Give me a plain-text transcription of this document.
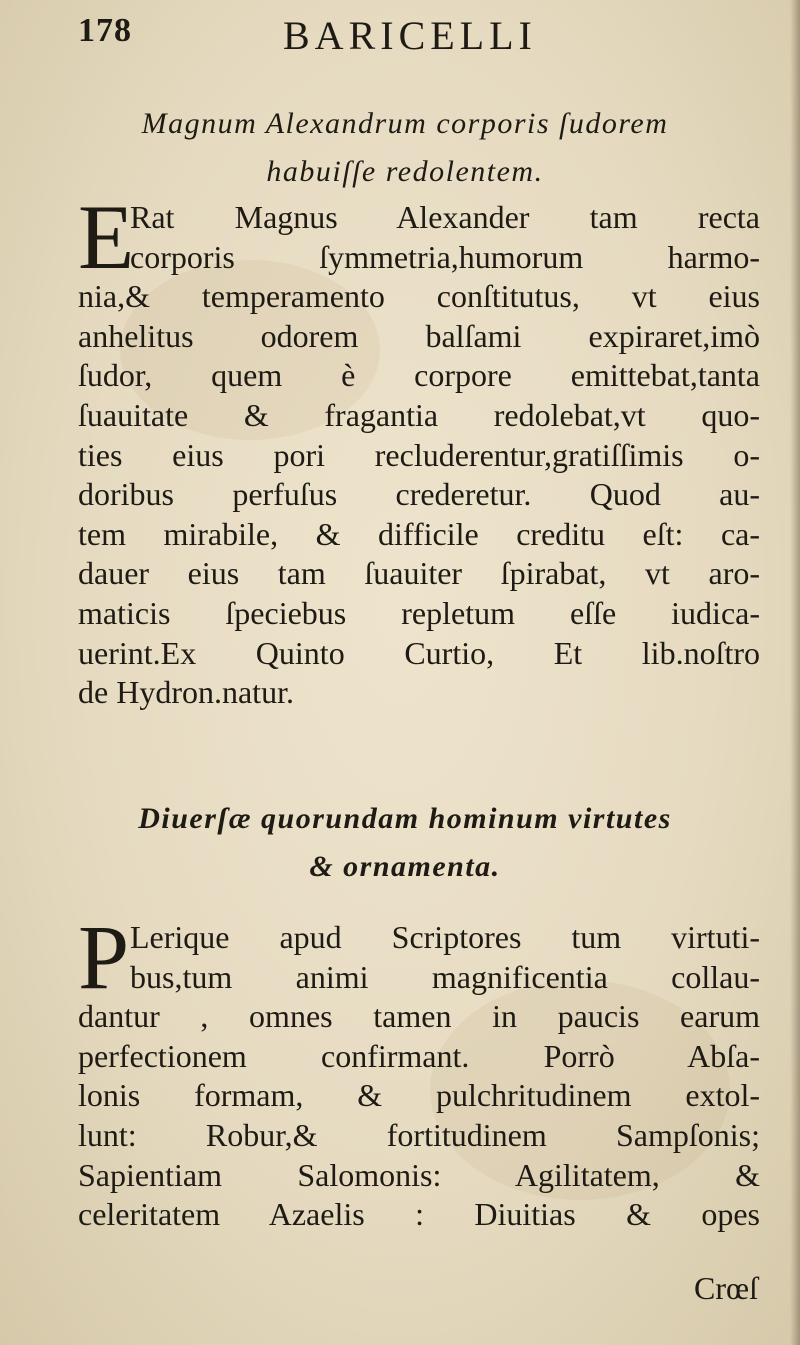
178	BARICELLI
Magnum Alexandrum corporis ſudorem
habuiſſe redolentem.
E
Rat Magnus Alexander tam recta
corporis ſymmetria,humorum harmo-
nia,& temperamento conſtitutus, vt eius
anhelitus odorem balſami expiraret,imò
ſudor, quem è corpore emittebat,tanta
ſuauitate & fragantia redolebat,vt quo-
ties eius pori recluderentur,gratiſſimis o-
doribus perfuſus crederetur. Quod au-
tem mirabile, & difficile creditu eſt: ca-
dauer eius tam ſuauiter ſpirabat, vt aro-
maticis ſpeciebus repletum eſſe iudica-
uerint.Ex Quinto Curtio, Et lib.noſtro
de Hydron.natur.
Diuerſæ quorundam hominum virtutes
& ornamenta.
P Lerique apud Scriptores tum virtuti-
bus,tum animi magnificentia collau-
dantur , omnes tamen in paucis earum
perfectionem confirmant. Porrò Abſa-
lonis formam, & pulchritudinem extol-
lunt: Robur,& fortitudinem Sampſonis;
Sapientiam Salomonis: Agilitatem, &
celeritatem Azaelis : Diuitias & opes
Crœſ
